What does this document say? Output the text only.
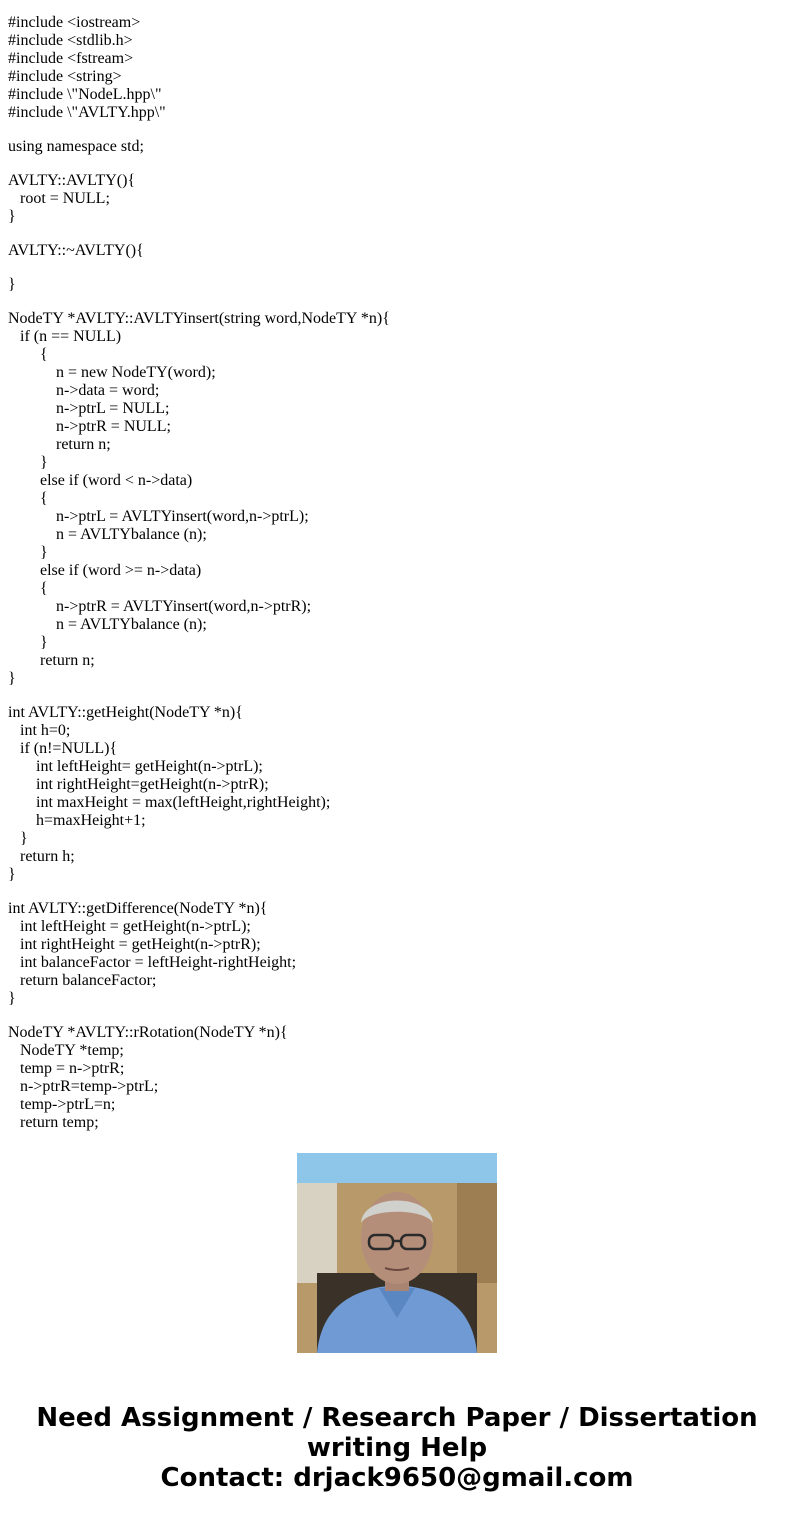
#include <iostream>
#include <stdlib.h>
#include <fstream>
#include <string>
#include \"NodeL.hpp\"
#include \"AVLTY.hpp\"
using namespace std;
AVLTY::AVLTY(){
root = NULL;
}
AVLTY::~AVLTY(){
}
NodeTY *AVLTY::AVLTYinsert(string word,NodeTY *n){
if (n == NULL)
{
n = new NodeTY(word);
n->data = word;
n->ptrL = NULL;
n->ptrR = NULL;
return n;
}
else if (word < n->data)
{
n->ptrL = AVLTYinsert(word,n->ptrL);
n = AVLTYbalance (n);
}
else if (word >= n->data)
{
n->ptrR = AVLTYinsert(word,n->ptrR);
n = AVLTYbalance (n);
}
return n;
}
int AVLTY::getHeight(NodeTY *n){
int h=0;
if (n!=NULL){
int leftHeight= getHeight(n->ptrL);
int rightHeight=getHeight(n->ptrR);
int maxHeight = max(leftHeight,rightHeight);
h=maxHeight+1;
}
return h;
}
int AVLTY::getDifference(NodeTY *n){
int leftHeight = getHeight(n->ptrL);
int rightHeight = getHeight(n->ptrR);
int balanceFactor = leftHeight-rightHeight;
return balanceFactor;
}
NodeTY *AVLTY::rRotation(NodeTY *n){
NodeTY *temp;
temp = n->ptrR;
n->ptrR=temp->ptrL;
temp->ptrL=n;
return temp;
Need Assignment / Research Paper / Dissertation
writing Help
Contact: drjack9650@gmail.com
